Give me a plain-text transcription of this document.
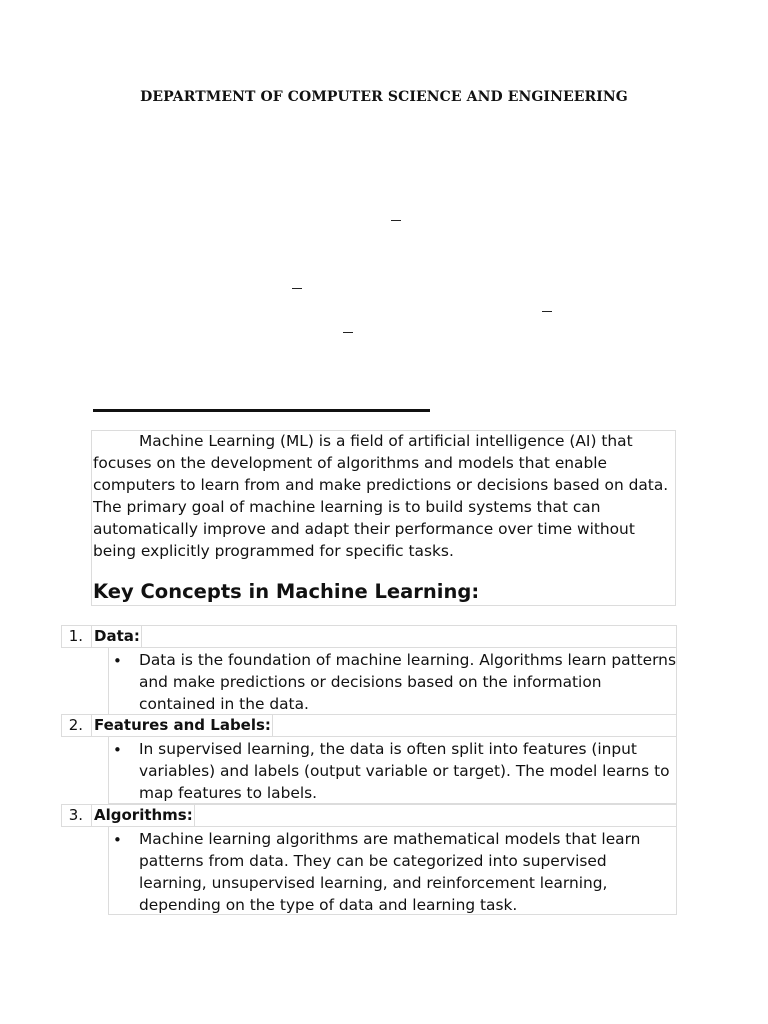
DEPARTMENT OF COMPUTER SCIENCE AND ENGINEERING

Machine Learning (ML) is a field of artificial intelligence (AI) that focuses on the development of algorithms and models that enable computers to learn from and make predictions or decisions based on data. The primary goal of machine learning is to build systems that can automatically improve and adapt their performance over time without being explicitly programmed for specific tasks.

Key Concepts in Machine Learning:
1. Data:
• Data is the foundation of machine learning. Algorithms learn patterns and make predictions or decisions based on the information contained in the data.

2. Features and Labels:
• In supervised learning, the data is often split into features (input variables) and labels (output variable or target). The model learns to map features to labels.

3. Algorithms:
• Machine learning algorithms are mathematical models that learn patterns from data. They can be categorized into supervised learning, unsupervised learning, and reinforcement learning, depending on the type of data and learning task.
